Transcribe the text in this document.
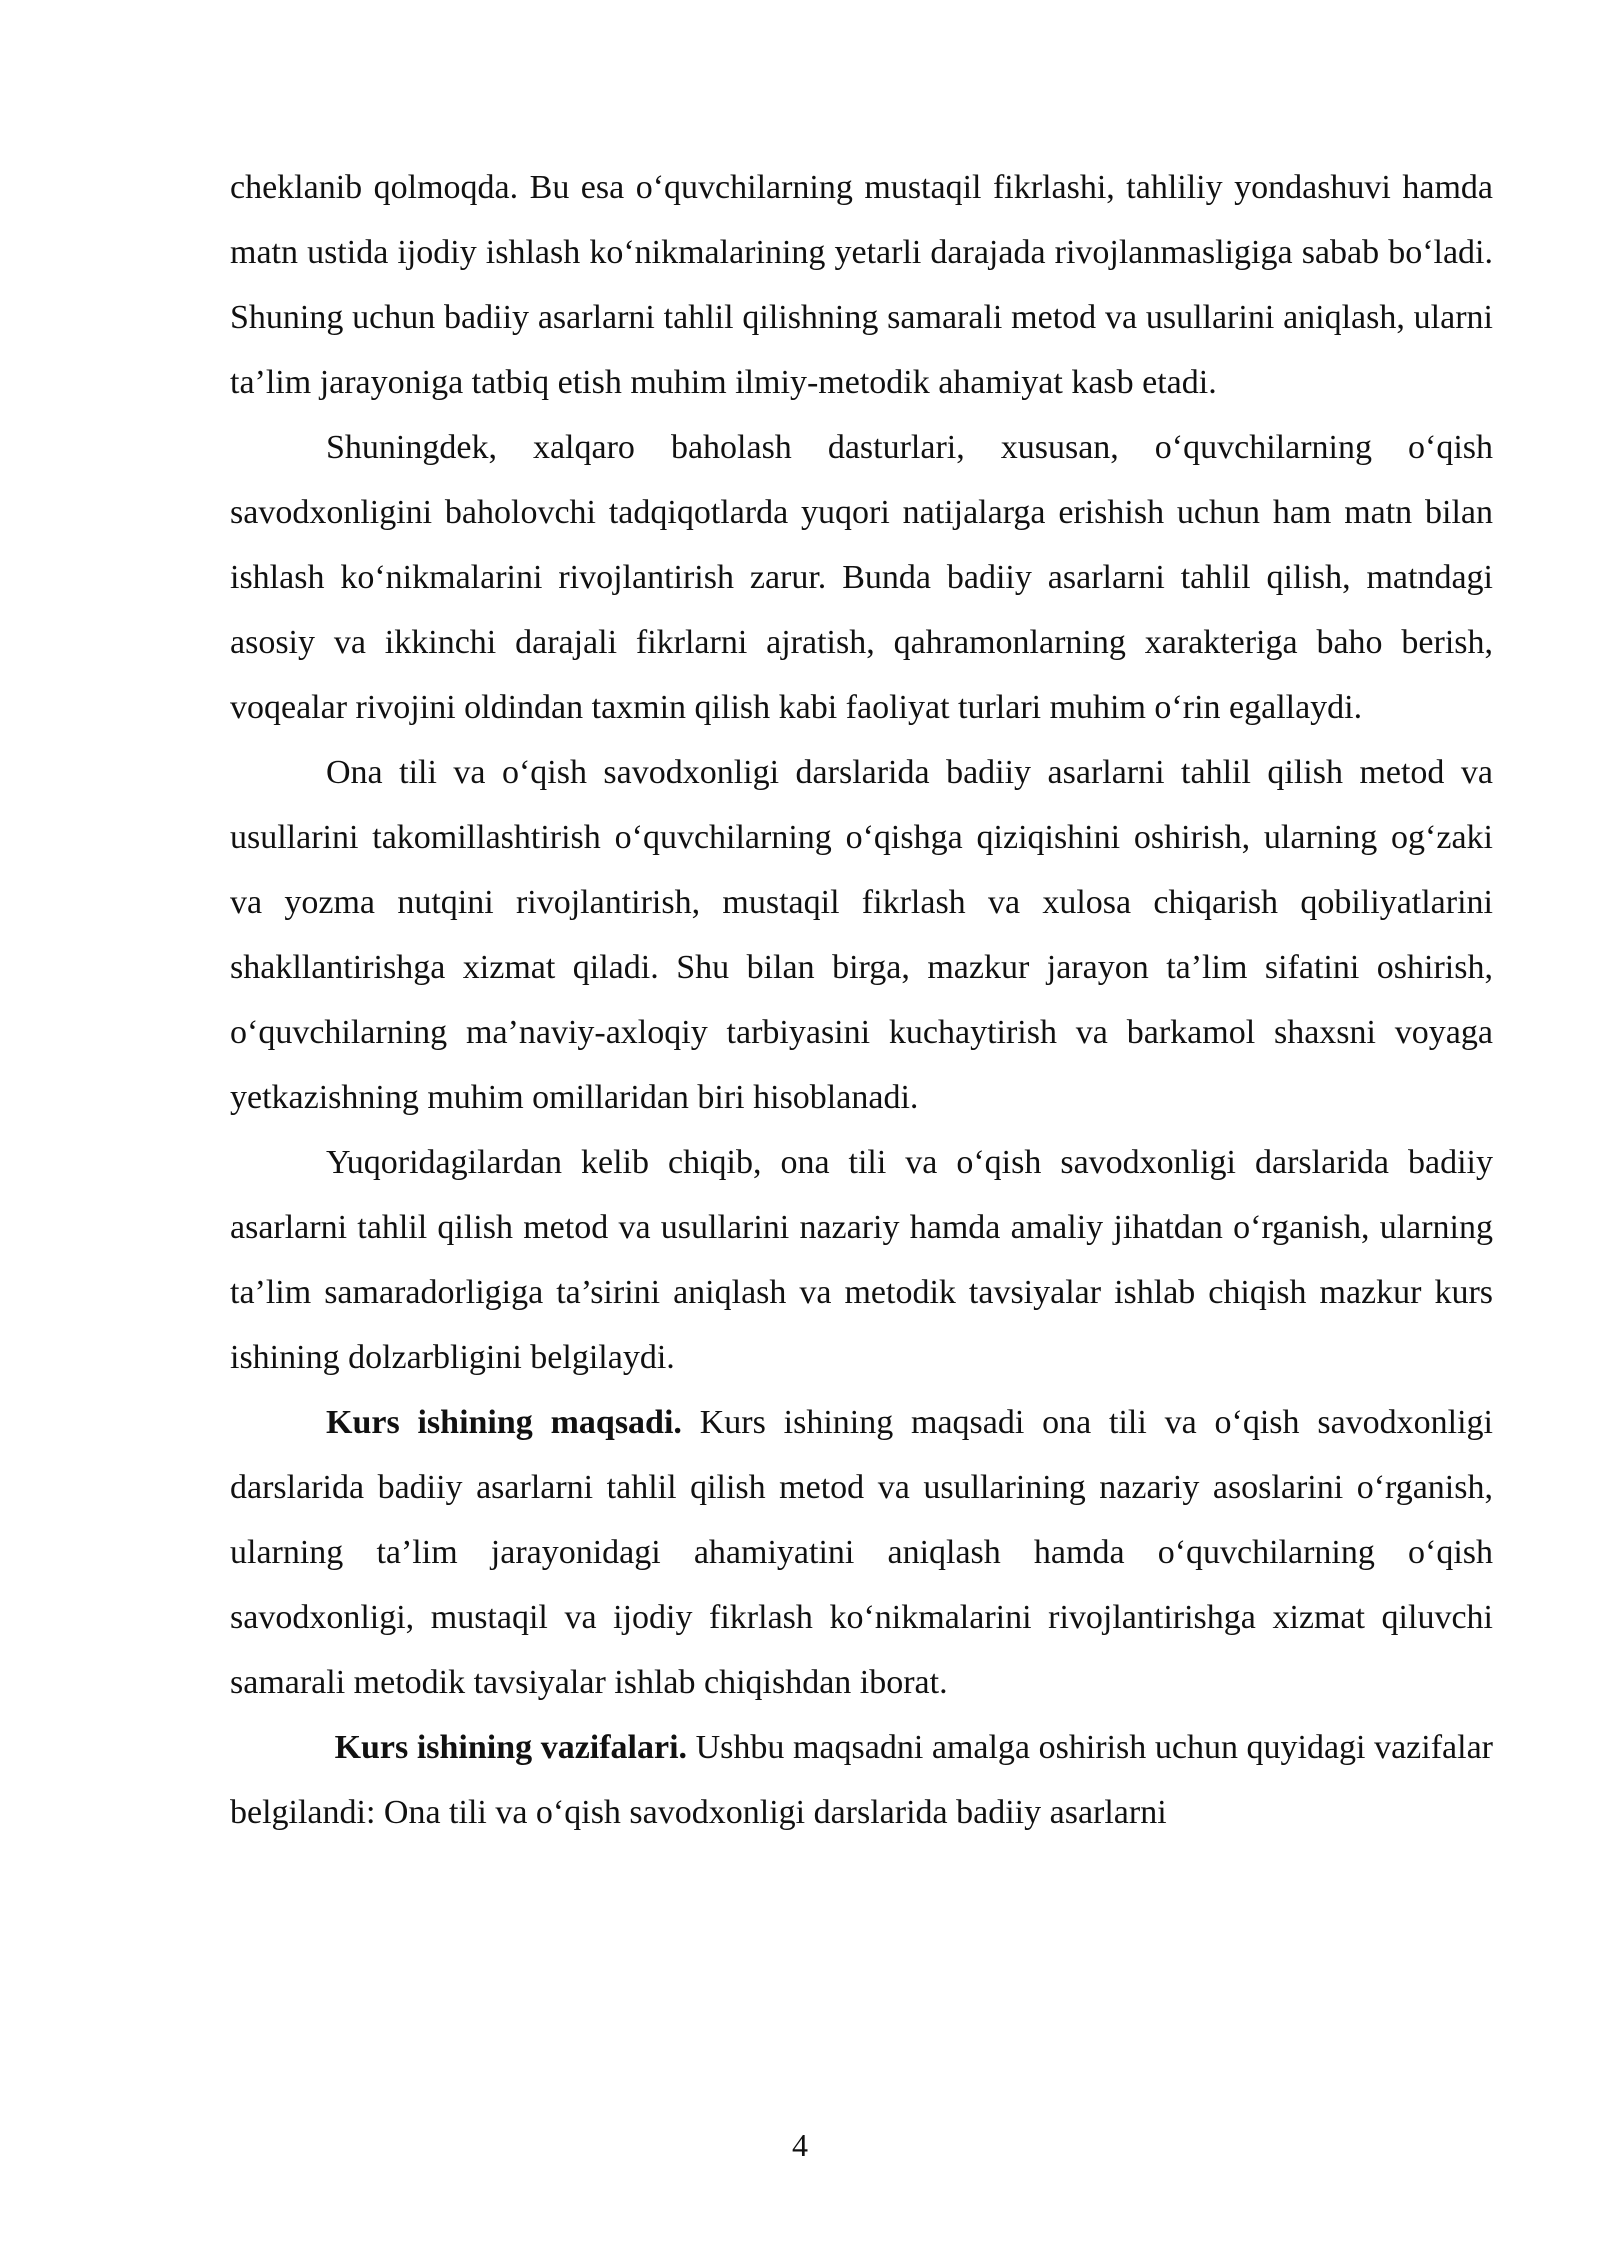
cheklanib qolmoqda. Bu esa o‘quvchilarning mustaqil fikrlashi, tahliliy yondashuvi hamda matn ustida ijodiy ishlash ko‘nikmalarining yetarli darajada rivojlanmasligiga sabab bo‘ladi. Shuning uchun badiiy asarlarni tahlil qilishning samarali metod va usullarini aniqlash, ularni ta’lim jarayoniga tatbiq etish muhim ilmiy-metodik ahamiyat kasb etadi.

Shuningdek, xalqaro baholash dasturlari, xususan, o‘quvchilarning o‘qish savodxonligini baholovchi tadqiqotlarda yuqori natijalarga erishish uchun ham matn bilan ishlash ko‘nikmalarini rivojlantirish zarur. Bunda badiiy asarlarni tahlil qilish, matndagi asosiy va ikkinchi darajali fikrlarni ajratish, qahramonlarning xarakteriga baho berish, voqealar rivojini oldindan taxmin qilish kabi faoliyat turlari muhim o‘rin egallaydi.

Ona tili va o‘qish savodxonligi darslarida badiiy asarlarni tahlil qilish metod va usullarini takomillashtirish o‘quvchilarning o‘qishga qiziqishini oshirish, ularning og‘zaki va yozma nutqini rivojlantirish, mustaqil fikrlash va xulosa chiqarish qobiliyatlarini shakllantirishga xizmat qiladi. Shu bilan birga, mazkur jarayon ta’lim sifatini oshirish, o‘quvchilarning ma’naviy-axloqiy tarbiyasini kuchaytirish va barkamol shaxsni voyaga yetkazishning muhim omillaridan biri hisoblanadi.

Yuqoridagilardan kelib chiqib, ona tili va o‘qish savodxonligi darslarida badiiy asarlarni tahlil qilish metod va usullarini nazariy hamda amaliy jihatdan o‘rganish, ularning ta’lim samaradorligiga ta’sirini aniqlash va metodik tavsiyalar ishlab chiqish mazkur kurs ishining dolzarbligini belgilaydi.

Kurs ishining maqsadi. Kurs ishining maqsadi ona tili va o‘qish savodxonligi darslarida badiiy asarlarni tahlil qilish metod va usullarining nazariy asoslarini o‘rganish, ularning ta’lim jarayonidagi ahamiyatini aniqlash hamda o‘quvchilarning o‘qish savodxonligi, mustaqil va ijodiy fikrlash ko‘nikmalarini rivojlantirishga xizmat qiluvchi samarali metodik tavsiyalar ishlab chiqishdan iborat.

Kurs ishining vazifalari. Ushbu maqsadni amalga oshirish uchun quyidagi vazifalar belgilandi: Ona tili va o‘qish savodxonligi darslarida badiiy asarlarni

4
